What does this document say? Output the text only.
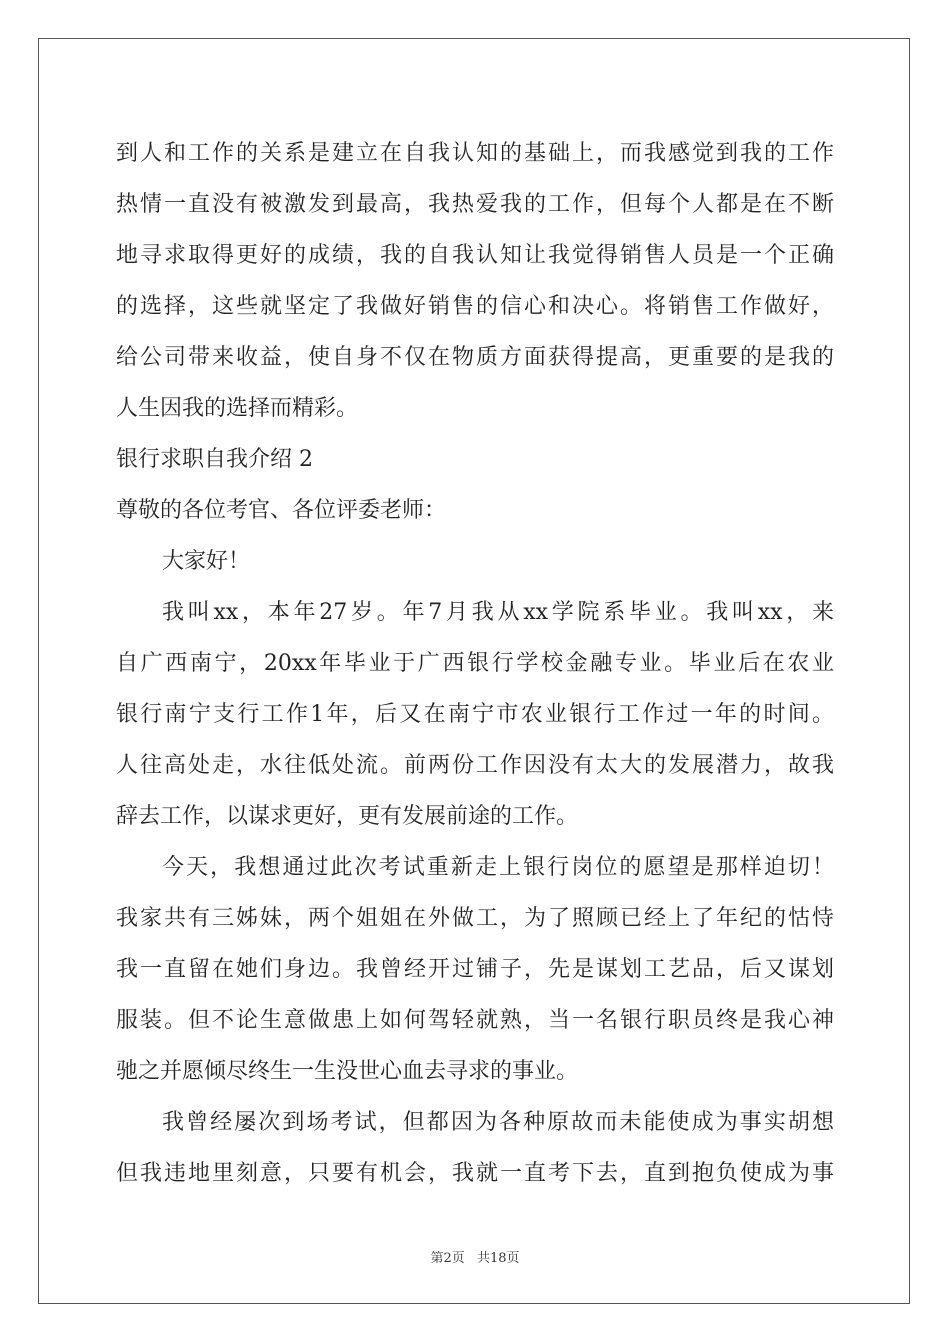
到人和工作的关系是建立在自我认知的基础上，而我感觉到我的工作
热情一直没有被激发到最高，我热爱我的工作，但每个人都是在不断
地寻求取得更好的成绩，我的自我认知让我觉得销售人员是一个正确
的选择，这些就坚定了我做好销售的信心和决心。将销售工作做好，
给公司带来收益，使自身不仅在物质方面获得提高，更重要的是我的
人生因我的选择而精彩。
银行求职自我介绍 2
尊敬的各位考官、各位评委老师：
大家好！
我叫xx，本年27岁。年7月我从xx学院系毕业。我叫xx，来
自广西南宁，20xx年毕业于广西银行学校金融专业。毕业后在农业
银行南宁支行工作1年，后又在南宁市农业银行工作过一年的时间。
人往高处走，水往低处流。前两份工作因没有太大的发展潜力，故我
辞去工作，以谋求更好，更有发展前途的工作。
今天，我想通过此次考试重新走上银行岗位的愿望是那样迫切！
我家共有三姊妹，两个姐姐在外做工，为了照顾已经上了年纪的怙恃
我一直留在她们身边。我曾经开过铺子，先是谋划工艺品，后又谋划
服装。但不论生意做患上如何驾轻就熟，当一名银行职员终是我心神
驰之并愿倾尽终生一生没世心血去寻求的事业。
我曾经屡次到场考试，但都因为各种原故而未能使成为事实胡想
但我违地里刻意，只要有机会，我就一直考下去，直到抱负使成为事
第2页 共18页
